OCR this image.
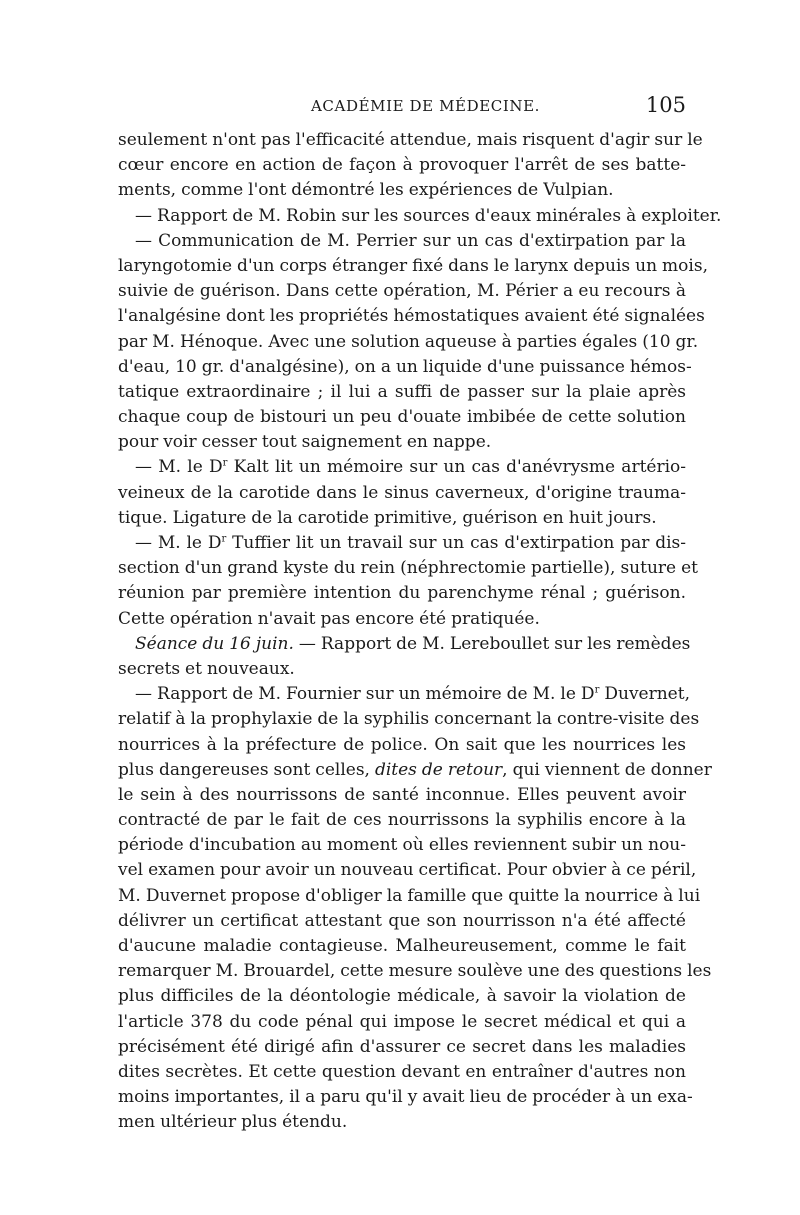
ACADÉMIE DE MÉDECINE.	105
seulement n'ont pas l'efficacité attendue, mais risquent d'agir sur le
cœur encore en action de façon à provoquer l'arrêt de ses batte-
ments, comme l'ont démontré les expériences de Vulpian.
— Rapport de M. Robin sur les sources d'eaux minérales à exploiter.
— Communication de M. Perrier sur un cas d'extirpation par la
laryngotomie d'un corps étranger fixé dans le larynx depuis un mois,
suivie de guérison. Dans cette opération, M. Périer a eu recours à
l'analgésine dont les propriétés hémostatiques avaient été signalées
par M. Hénoque. Avec une solution aqueuse à parties égales (10 gr.
d'eau, 10 gr. d'analgésine), on a un liquide d'une puissance hémos-
tatique extraordinaire ; il lui a suffi de passer sur la plaie après
chaque coup de bistouri un peu d'ouate imbibée de cette solution
pour voir cesser tout saignement en nappe.
— M. le $D^r$ Kalt lit un mémoire sur un cas d'anévrysme artério-
veineux de la carotide dans le sinus caverneux, d'origine trauma-
tique. Ligature de la carotide primitive, guérison en huit jours.
— M. le $D^r$ Tuffier lit un travail sur un cas d'extirpation par dis-
section d'un grand kyste du rein (néphrectomie partielle), suture et
réunion par première intention du parenchyme rénal ; guérison.
Cette opération n'avait pas encore été pratiquée.
Séance du 16 juin. — Rapport de M. Lereboullet sur les remèdes
secrets et nouveaux.
— Rapport de M. Fournier sur un mémoire de M. le $D^r$ Duvernet,
relatif à la prophylaxie de la syphilis concernant la contre-visite des
nourrices à la préfecture de police. On sait que les nourrices les
plus dangereuses sont celles, dites de retour, qui viennent de donner
le sein à des nourrissons de santé inconnue. Elles peuvent avoir
contracté de par le fait de ces nourrissons la syphilis encore à la
période d'incubation au moment où elles reviennent subir un nou-
vel examen pour avoir un nouveau certificat. Pour obvier à ce péril,
M. Duvernet propose d'obliger la famille que quitte la nourrice à lui
délivrer un certificat attestant que son nourrisson n'a été affecté
d'aucune maladie contagieuse. Malheureusement, comme le fait
remarquer M. Brouardel, cette mesure soulève une des questions les
plus difficiles de la déontologie médicale, à savoir la violation de
l'article 378 du code pénal qui impose le secret médical et qui a
précisément été dirigé afin d'assurer ce secret dans les maladies
dites secrètes. Et cette question devant en entraîner d'autres non
moins importantes, il a paru qu'il y avait lieu de procéder à un exa-
men ultérieur plus étendu.
